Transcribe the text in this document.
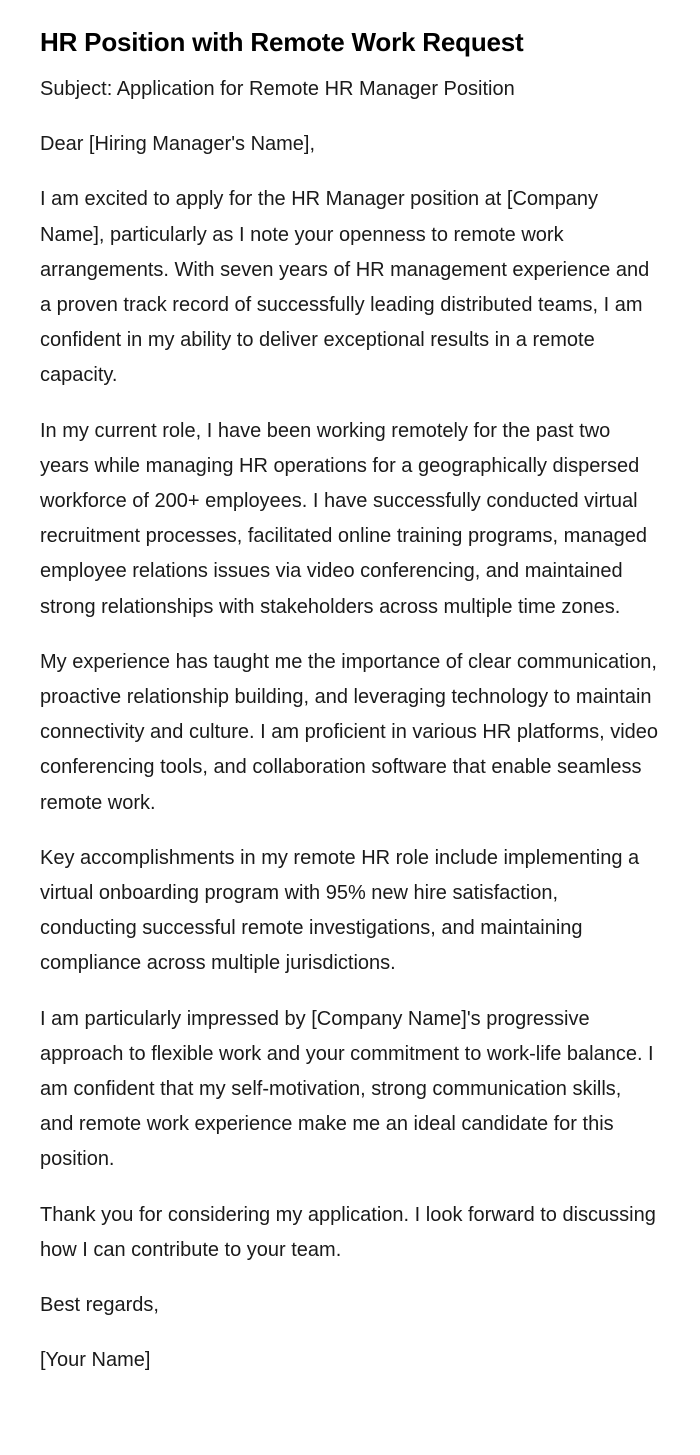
HR Position with Remote Work Request

Subject: Application for Remote HR Manager Position

Dear [Hiring Manager's Name],

I am excited to apply for the HR Manager position at [Company Name], particularly as I note your openness to remote work arrangements. With seven years of HR management experience and a proven track record of successfully leading distributed teams, I am confident in my ability to deliver exceptional results in a remote capacity.

In my current role, I have been working remotely for the past two years while managing HR operations for a geographically dispersed workforce of 200+ employees. I have successfully conducted virtual recruitment processes, facilitated online training programs, managed employee relations issues via video conferencing, and maintained strong relationships with stakeholders across multiple time zones.

My experience has taught me the importance of clear communication, proactive relationship building, and leveraging technology to maintain connectivity and culture. I am proficient in various HR platforms, video conferencing tools, and collaboration software that enable seamless remote work.

Key accomplishments in my remote HR role include implementing a virtual onboarding program with 95% new hire satisfaction, conducting successful remote investigations, and maintaining compliance across multiple jurisdictions.

I am particularly impressed by [Company Name]'s progressive approach to flexible work and your commitment to work-life balance. I am confident that my self-motivation, strong communication skills, and remote work experience make me an ideal candidate for this position.

Thank you for considering my application. I look forward to discussing how I can contribute to your team.

Best regards,

[Your Name]
